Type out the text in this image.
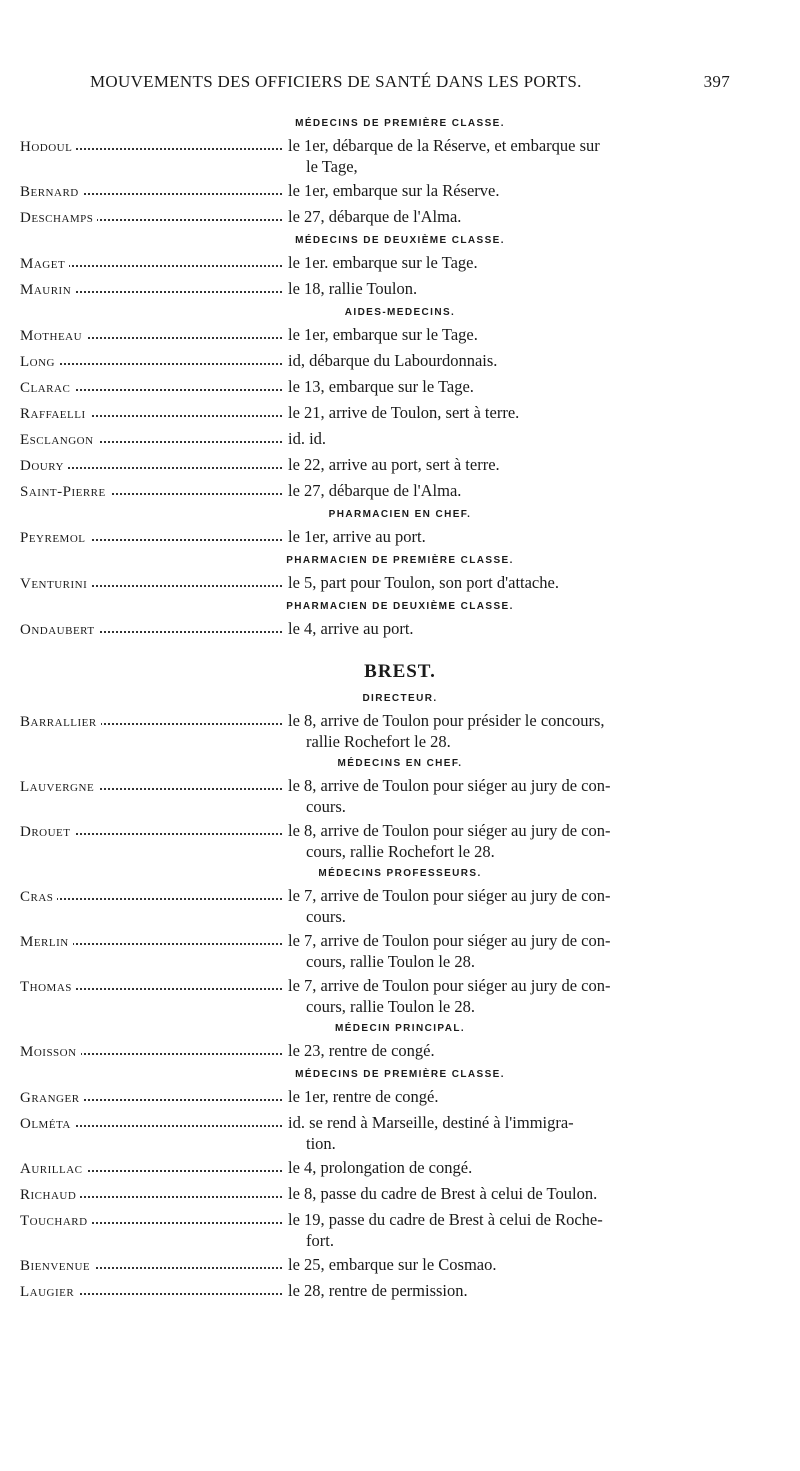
MOUVEMENTS DES OFFICIERS DE SANTÉ DANS LES PORTS.	397
MÉDECINS DE PREMIÈRE CLASSE.
Hodoul	le 1er, débarque de la Réserve, et embarque sur
le Tage,
Bernard	le 1er, embarque sur la Réserve.
Deschamps	le 27, débarque de l'Alma.
MÉDECINS DE DEUXIÈME CLASSE.
Maget	le 1er. embarque sur le Tage.
Maurin	le 18, rallie Toulon.
AIDES-MEDECINS.
Motheau	le 1er, embarque sur le Tage.
Long	id, débarque du Labourdonnais.
Clarac	le 13, embarque sur le Tage.
Raffaelli	le 21, arrive de Toulon, sert à terre.
Esclangon	id. id.
Doury	le 22, arrive au port, sert à terre.
Saint-Pierre	le 27, débarque de l'Alma.
PHARMACIEN EN CHEF.
Peyremol	le 1er, arrive au port.
PHARMACIEN DE PREMIÈRE CLASSE.
Venturini	le 5, part pour Toulon, son port d'attache.
PHARMACIEN DE DEUXIÈME CLASSE.
Ondaubert	le 4, arrive au port.
BREST.
DIRECTEUR.
Barrallier	le 8, arrive de Toulon pour présider le concours,
rallie Rochefort le 28.
MÉDECINS EN CHEF.
Lauvergne	le 8, arrive de Toulon pour siéger au jury de con-
cours.
Drouet	le 8, arrive de Toulon pour siéger au jury de con-
cours, rallie Rochefort le 28.
MÉDECINS PROFESSEURS.
Cras	le 7, arrive de Toulon pour siéger au jury de con-
cours.
Merlin	le 7, arrive de Toulon pour siéger au jury de con-
cours, rallie Toulon le 28.
Thomas	le 7, arrive de Toulon pour siéger au jury de con-
cours, rallie Toulon le 28.
MÉDECIN PRINCIPAL.
Moisson	le 23, rentre de congé.
MÉDECINS DE PREMIÈRE CLASSE.
Granger	le 1er, rentre de congé.
Olméta	id. se rend à Marseille, destiné à l'immigra-
tion.
Aurillac	le 4, prolongation de congé.
Richaud	le 8, passe du cadre de Brest à celui de Toulon.
Touchard	le 19, passe du cadre de Brest à celui de Roche-
fort.
Bienvenue	le 25, embarque sur le Cosmao.
Laugier	le 28, rentre de permission.
